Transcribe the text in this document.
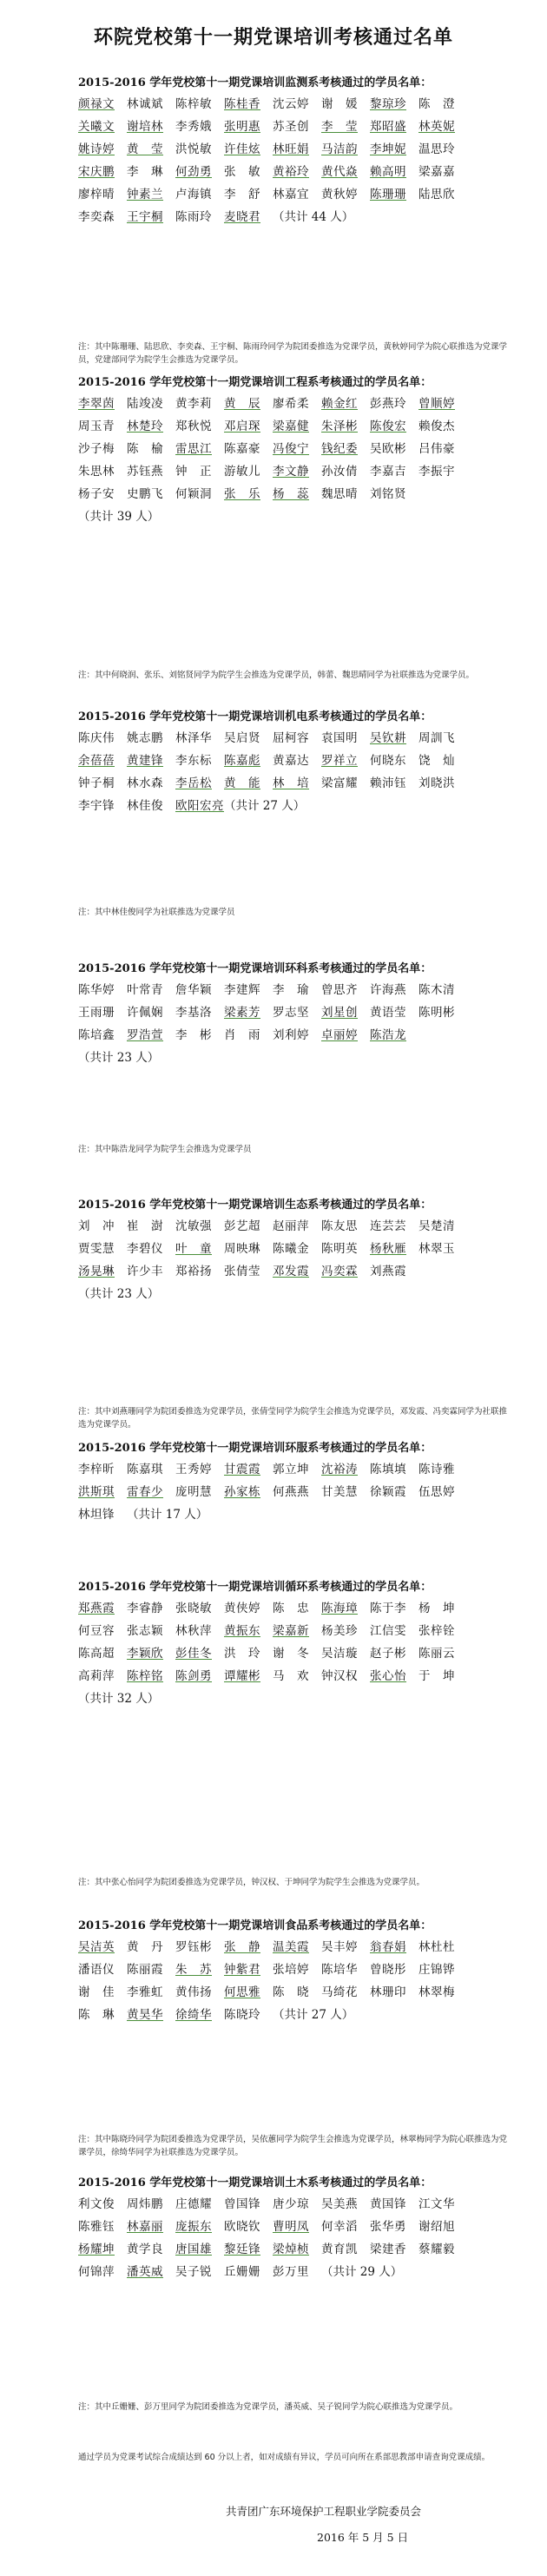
环院党校第十一期党课培训考核通过名单
2015-2016 学年党校第十一期党课培训监测系考核通过的学员名单：
颜禄文	林诚斌	陈梓敏	陈桂香	沈云婷	谢　媛	黎琼珍	陈　澄
关曦文	谢培林	李秀娥	张明惠	苏圣创	李　莹	郑昭盛	林英妮
姚诗婷	黄　莹	洪悦敏	许佳炫	林旺娟	马洁韵	李坤妮	温思玲
宋庆鹏	李　琳	何劲勇	张　敏	黄裕玲	黄代焱	赖高明	梁嘉嘉
廖梓晴	钟素兰	卢海镇	李　舒	林嘉宜	黄秋婷	陈珊珊	陆思欣
李奕森	王宇桐	陈雨玲	麦晓君	（共计 44 人）
注：其中陈珊珊、陆思欣、李奕森、王宇桐、陈雨玲同学为院团委推选为党课学员，黄秋婷同学为院心联推选为党课学员，党建部同学为院学生会推选为党课学员。
2015-2016 学年党校第十一期党课培训工程系考核通过的学员名单：
李翠茵	陆竣凌	黄李莉	黄　辰	廖希柔	赖金红	彭燕玲	曾顺婷
周玉青	林楚玲	郑秋悦	邓启琛	梁嘉健	朱泽彬	陈俊宏	赖俊杰
沙子梅	陈　榆	雷思江	陈嘉豪	冯俊宁	钱纪委	吴欧彬	吕伟豪
朱思林	苏钰燕	钟　正	游敏儿	李文静	孙汝倩	李嘉吉	李振宇
杨子安	史鹏飞	何颖洞	张　乐	杨　蕊	魏思晴	刘铭贤
（共计 39 人）
注：其中何晓润、张乐、刘铭贤同学为院学生会推选为党课学员，韩蕾、魏思晴同学为社联推选为党课学员。
2015-2016 学年党校第十一期党课培训机电系考核通过的学员名单：
陈庆伟	姚志鹏	林泽华	吴启贤	屈柯容	袁国明	吴钦耕	周訓飞
余蓓蓓	黄建锋	李东标	陈嘉彪	黄嘉达	罗祥立	何晓东	饶　灿
钟子桐	林水森	李岳松	黄　能	林　培	梁富耀	赖沛钰	刘晓洪
李宇锋	林佳俊	欧阳宏亮 （共计 27 人）
注：其中林佳俊同学为社联推选为党课学员
2015-2016 学年党校第十一期党课培训环科系考核通过的学员名单：
陈华婷	叶常青	詹华颖	李建辉	李　瑜	曾思齐	许海燕	陈木清
王雨珊	许佩娴	李基洛	梁素芳	罗志坚	刘星创	黄语莹	陈明彬
陈培鑫	罗浩萱	李　彬	肖　雨	刘利婷	卓丽婷	陈浩龙
（共计 23 人）
注：其中陈浩龙同学为院学生会推选为党课学员
2015-2016 学年党校第十一期党课培训生态系考核通过的学员名单：
刘　冲	崔　澍	沈敏强	彭艺超	赵丽萍	陈友思	连芸芸	吴楚清
贾雯慧	李碧仪	叶　童	周映琳	陈曦金	陈明英	杨秋雁	林翠玉
汤晃琳	许少丰	郑裕扬	张倩莹	邓发霞	冯奕霖	刘燕霞
（共计 23 人）
注：其中刘燕珊同学为院团委推选为党课学员，张倩莹同学为院学生会推选为党课学员，邓发霞、冯奕霖同学为社联推选为党课学员。
2015-2016 学年党校第十一期党课培训环服系考核通过的学员名单：
李梓昕	陈嘉琪	王秀婷	甘震霞	郭立坤	沈裕涛	陈填填	陈诗雅
洪斯琪	雷春少	庞明慧	孙家栋	何燕燕	甘美慧	徐颖霞	伍思婷
林坦锋	（共计 17 人）
2015-2016 学年党校第十一期党课培训循环系考核通过的学员名单：
郑燕霞	李睿静	张晓敏	黄侠婷	陈　忠	陈海璋	陈于李	杨　坤
何豆容	张志颖	林秋萍	黄振东	梁嘉新	杨美珍	江信雯	张梓铨
陈高超	李颖欣	彭佳冬	洪　玲	谢　冬	吴洁璇	赵子彬	陈丽云
高莉萍	陈梓铭	陈剑勇	谭耀彬	马　欢	钟汉权	张心怡	于　坤
（共计 32 人）
注：其中张心怡同学为院团委推选为党课学员，钟汉权、于坤同学为院学生会推选为党课学员。
2015-2016 学年党校第十一期党课培训食品系考核通过的学员名单：
吴洁英	黄　丹	罗钰彬	张　静	温美霞	吴丰婷	翁春娟	林杜杜
潘语仪	陈丽霞	朱　苏	钟紫君	张培婷	陈培华	曾晓彤	庄锦铧
谢　佳	李雅虹	黄伟扬	何思雅	陈　晓	马绮花	林珊印	林翠梅
陈　琳	黄昊华	徐绮华	陈晓玲	（共计 27 人）
注：其中陈晓玲同学为院团委推选为党课学员，吴依蕙同学为院学生会推选为党课学员，林翠梅同学为院心联推选为党课学员，徐绮华同学为社联推选为党课学员。
2015-2016 学年党校第十一期党课培训土木系考核通过的学员名单：
利文俊	周炜鹏	庄德耀	曾国锋	唐少琼	吴美燕	黄国锋	江文华
陈雅钰	林嘉丽	庞振东	欧晓钦	曹明凤	何幸滔	张华勇	谢绍旭
杨耀坤	黄学良	唐国雄	黎廷锋	梁焯桢	黄育凯	梁建香	蔡耀毅
何锦萍	潘英威	吴子锐	丘姗姗	彭万里	（共计 29 人）
注：其中丘姗姗、彭万里同学为院团委推选为党课学员，潘英威、吴子锐同学为院心联推选为党课学员。
通过学员为党课考试综合成绩达到 60 分以上者，如对成绩有异议，学员可向所在系部思教部申请查询党课成绩。
共青团广东环境保护工程职业学院委员会
2016 年 5 月 5 日
